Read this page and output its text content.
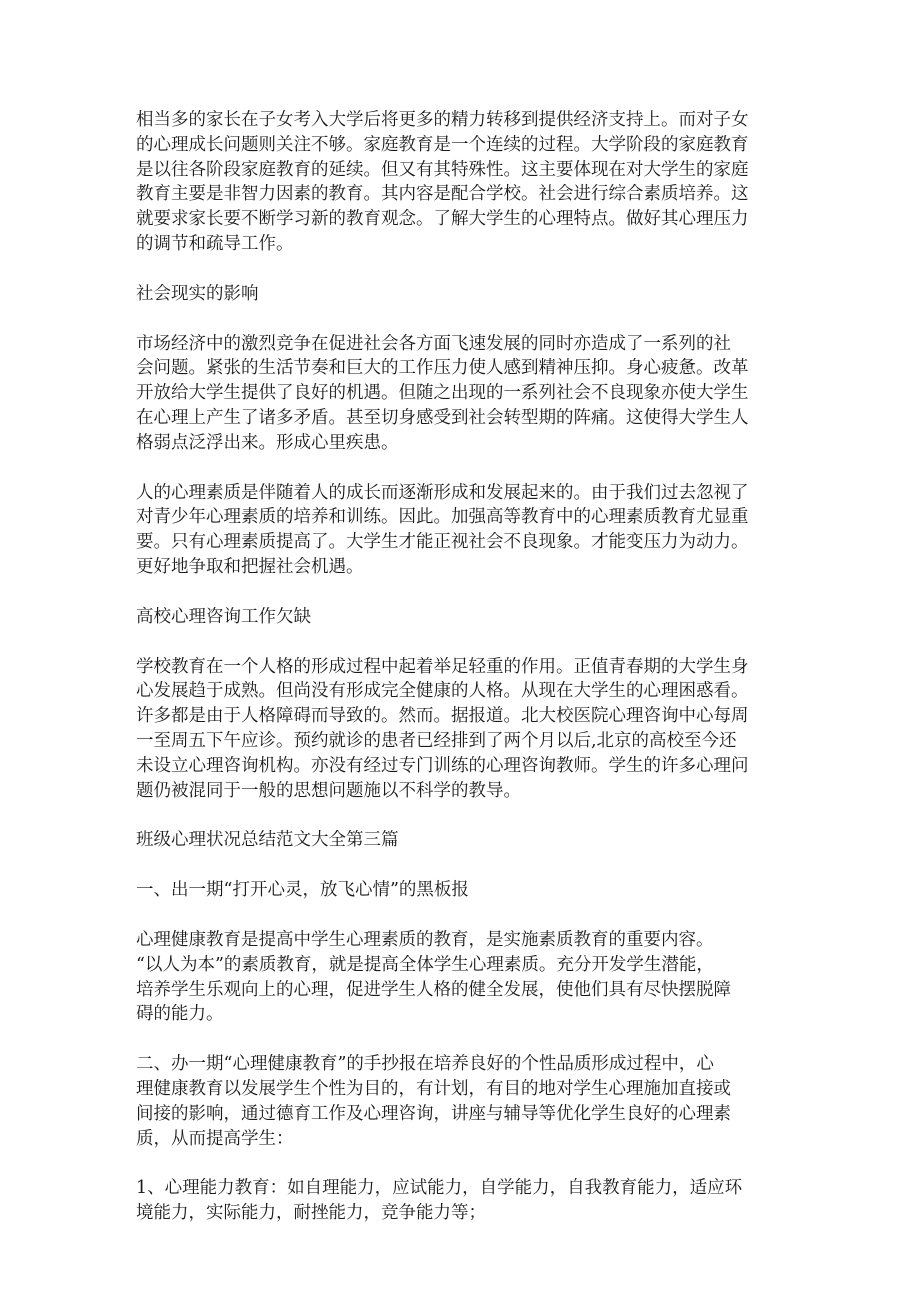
相当多的家长在子女考入大学后将更多的精力转移到提供经济支持上。而对子女
的心理成长问题则关注不够。家庭教育是一个连续的过程。大学阶段的家庭教育
是以往各阶段家庭教育的延续。但又有其特殊性。这主要体现在对大学生的家庭
教育主要是非智力因素的教育。其内容是配合学校。社会进行综合素质培养。这
就要求家长要不断学习新的教育观念。了解大学生的心理特点。做好其心理压力
的调节和疏导工作。

社会现实的影响

市场经济中的激烈竞争在促进社会各方面飞速发展的同时亦造成了一系列的社
会问题。紧张的生活节奏和巨大的工作压力使人感到精神压抑。身心疲惫。改革
开放给大学生提供了良好的机遇。但随之出现的一系列社会不良现象亦使大学生
在心理上产生了诸多矛盾。甚至切身感受到社会转型期的阵痛。这使得大学生人
格弱点泛浮出来。形成心里疾患。

人的心理素质是伴随着人的成长而逐渐形成和发展起来的。由于我们过去忽视了
对青少年心理素质的培养和训练。因此。加强高等教育中的心理素质教育尤显重
要。只有心理素质提高了。大学生才能正视社会不良现象。才能变压力为动力。
更好地争取和把握社会机遇。

高校心理咨询工作欠缺

学校教育在一个人格的形成过程中起着举足轻重的作用。正值青春期的大学生身
心发展趋于成熟。但尚没有形成完全健康的人格。从现在大学生的心理困惑看。
许多都是由于人格障碍而导致的。然而。据报道。北大校医院心理咨询中心每周
一至周五下午应诊。预约就诊的患者已经排到了两个月以后,北京的高校至今还
未设立心理咨询机构。亦没有经过专门训练的心理咨询教师。学生的许多心理问
题仍被混同于一般的思想问题施以不科学的教导。

班级心理状况总结范文大全第三篇

一、出一期“打开心灵，放飞心情”的黑板报

心理健康教育是提高中学生心理素质的教育，是实施素质教育的重要内容。
“以人为本”的素质教育，就是提高全体学生心理素质。充分开发学生潜能，
培养学生乐观向上的心理，促进学生人格的健全发展，使他们具有尽快摆脱障
碍的能力。

二、办一期“心理健康教育”的手抄报在培养良好的个性品质形成过程中，心
理健康教育以发展学生个性为目的，有计划，有目的地对学生心理施加直接或
间接的影响，通过德育工作及心理咨询，讲座与辅导等优化学生良好的心理素
质，从而提高学生：

1、心理能力教育：如自理能力，应试能力，自学能力，自我教育能力，适应环
境能力，实际能力，耐挫能力，竞争能力等；
